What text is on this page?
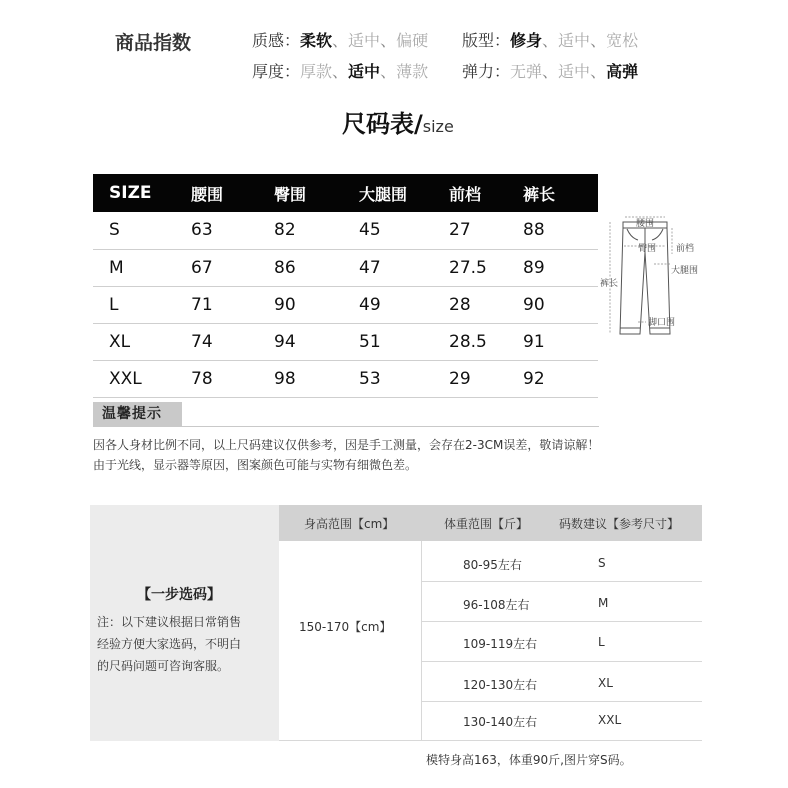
商品指数	质感：柔软、适中、偏硬 版型：修身、适中、宽松
厚度：厚款、适中、薄款 弹力：无弹、适中、高弹
尺码表/size
SIZE	腰围	臀围	大腿围	前档	裤长
S	63	82	45	27	88
M	67	86	47	27.5	89
L	71	90	49	28	90
XL	74	94	51	28.5	91
XXL	78	98	53	29	92
腰围
臀围 前档
大腿围
裤长
脚口围
温馨提示
因各人身材比例不同，以上尺码建议仅供参考，因是手工测量，会存在2-3CM误差，敬请谅解！
由于光线，显示器等原因，图案颜色可能与实物有细微色差。
身高范围【cm】	体重范围【斤】	码数建议【参考尺寸】
【一步选码】
注：以下建议根据日常销售
经验方便大家选码，不明白
的尺码问题可咨询客服。
150-170【cm】
80-95左右	S
96-108左右	M
109-119左右	L
120-130左右	XL
130-140左右	XXL
模特身高163，体重90斤,图片穿S码。
